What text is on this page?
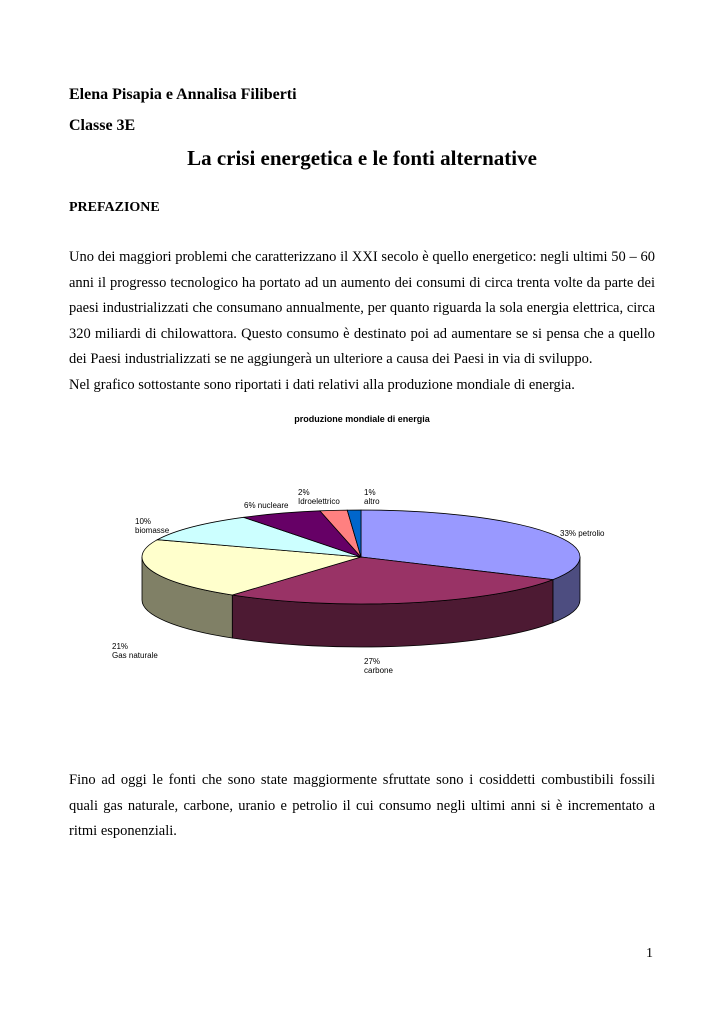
Elena Pisapia e Annalisa Filiberti
Classe 3E
La crisi energetica e le fonti alternative
PREFAZIONE
Uno dei maggiori problemi che caratterizzano il XXI secolo è quello energetico: negli ultimi 50 – 60 anni il progresso tecnologico ha portato ad un aumento dei consumi di circa trenta volte da parte dei paesi industrializzati che consumano annualmente, per quanto riguarda la sola energia elettrica, circa 320 miliardi di chilowattora. Questo consumo è destinato poi ad aumentare se si pensa che a quello dei Paesi industrializzati se ne aggiungerà un ulteriore a causa dei Paesi in via di sviluppo.
Nel grafico sottostante sono riportati i dati relativi alla produzione mondiale di energia.
produzione mondiale di energia
33% petrolio
27% carbone
21% Gas naturale
10% biomasse
6% nucleare
2% Idroelettrico
1% altro
Fino ad oggi le fonti che sono state maggiormente sfruttate sono i cosiddetti combustibili fossili quali gas naturale, carbone, uranio e petrolio il cui consumo negli ultimi anni si è incrementato a ritmi esponenziali.
1
